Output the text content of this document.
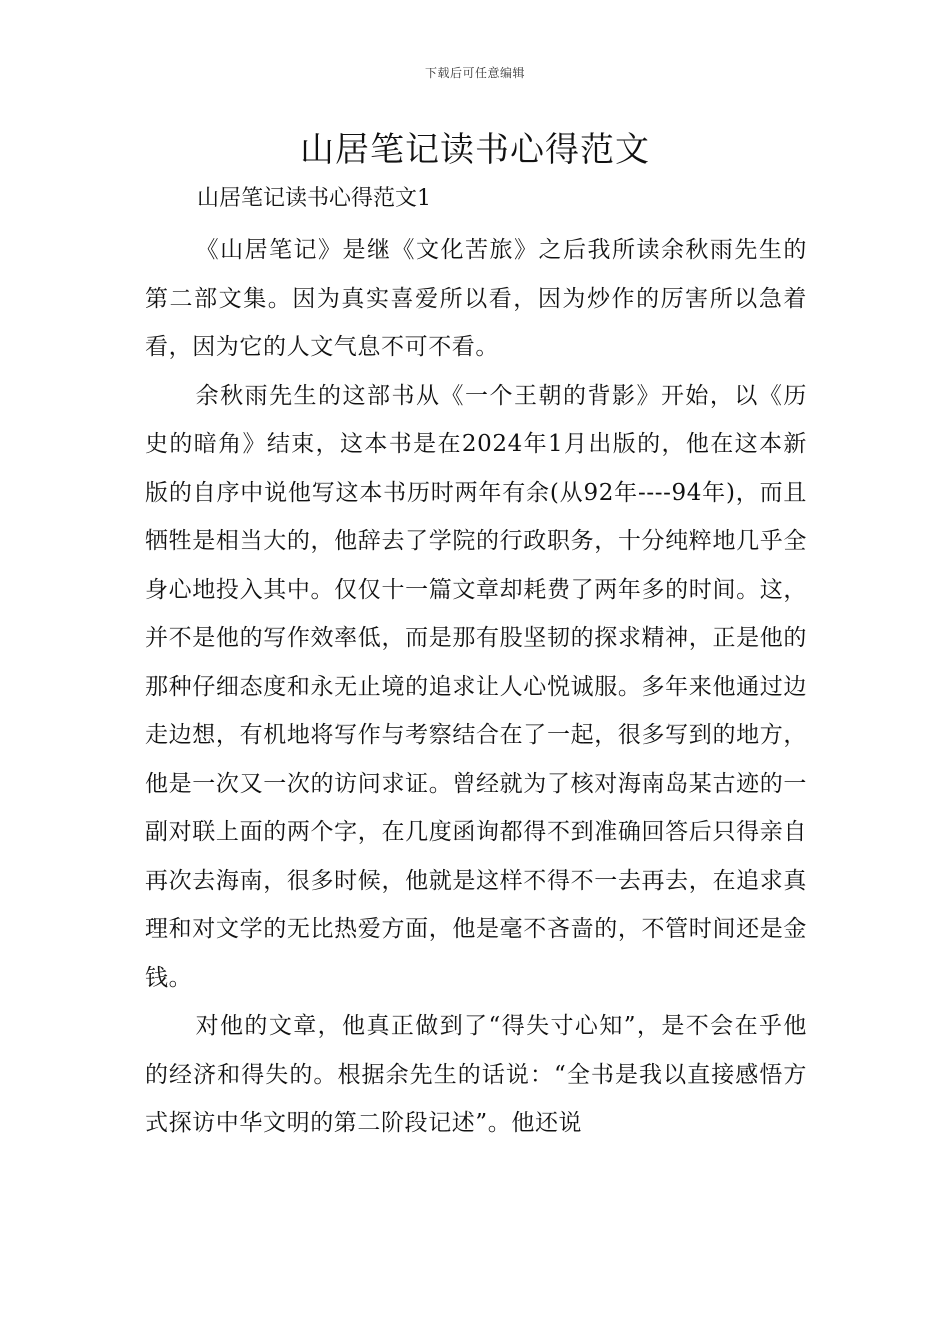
下载后可任意编辑
山居笔记读书心得范文

山居笔记读书心得范文1

《山居笔记》是继《文化苦旅》之后我所读余秋雨先生的第二部文集。因为真实喜爱所以看，因为炒作的厉害所以急着看，因为它的人文气息不可不看。

余秋雨先生的这部书从《一个王朝的背影》开始，以《历史的暗角》结束，这本书是在2024年1月出版的，他在这本新版的自序中说他写这本书历时两年有余(从92年----94年)，而且牺牲是相当大的，他辞去了学院的行政职务，十分纯粹地几乎全身心地投入其中。仅仅十一篇文章却耗费了两年多的时间。这，并不是他的写作效率低，而是那有股坚韧的探求精神，正是他的那种仔细态度和永无止境的追求让人心悦诚服。多年来他通过边走边想，有机地将写作与考察结合在了一起，很多写到的地方，他是一次又一次的访问求证。曾经就为了核对海南岛某古迹的一副对联上面的两个字，在几度函询都得不到准确回答后只得亲自再次去海南，很多时候，他就是这样不得不一去再去，在追求真理和对文学的无比热爱方面，他是毫不吝啬的，不管时间还是金钱。

对他的文章，他真正做到了“得失寸心知”，是不会在乎他的经济和得失的。根据余先生的话说：“全书是我以直接感悟方式探访中华文明的第二阶段记述”。他还说
